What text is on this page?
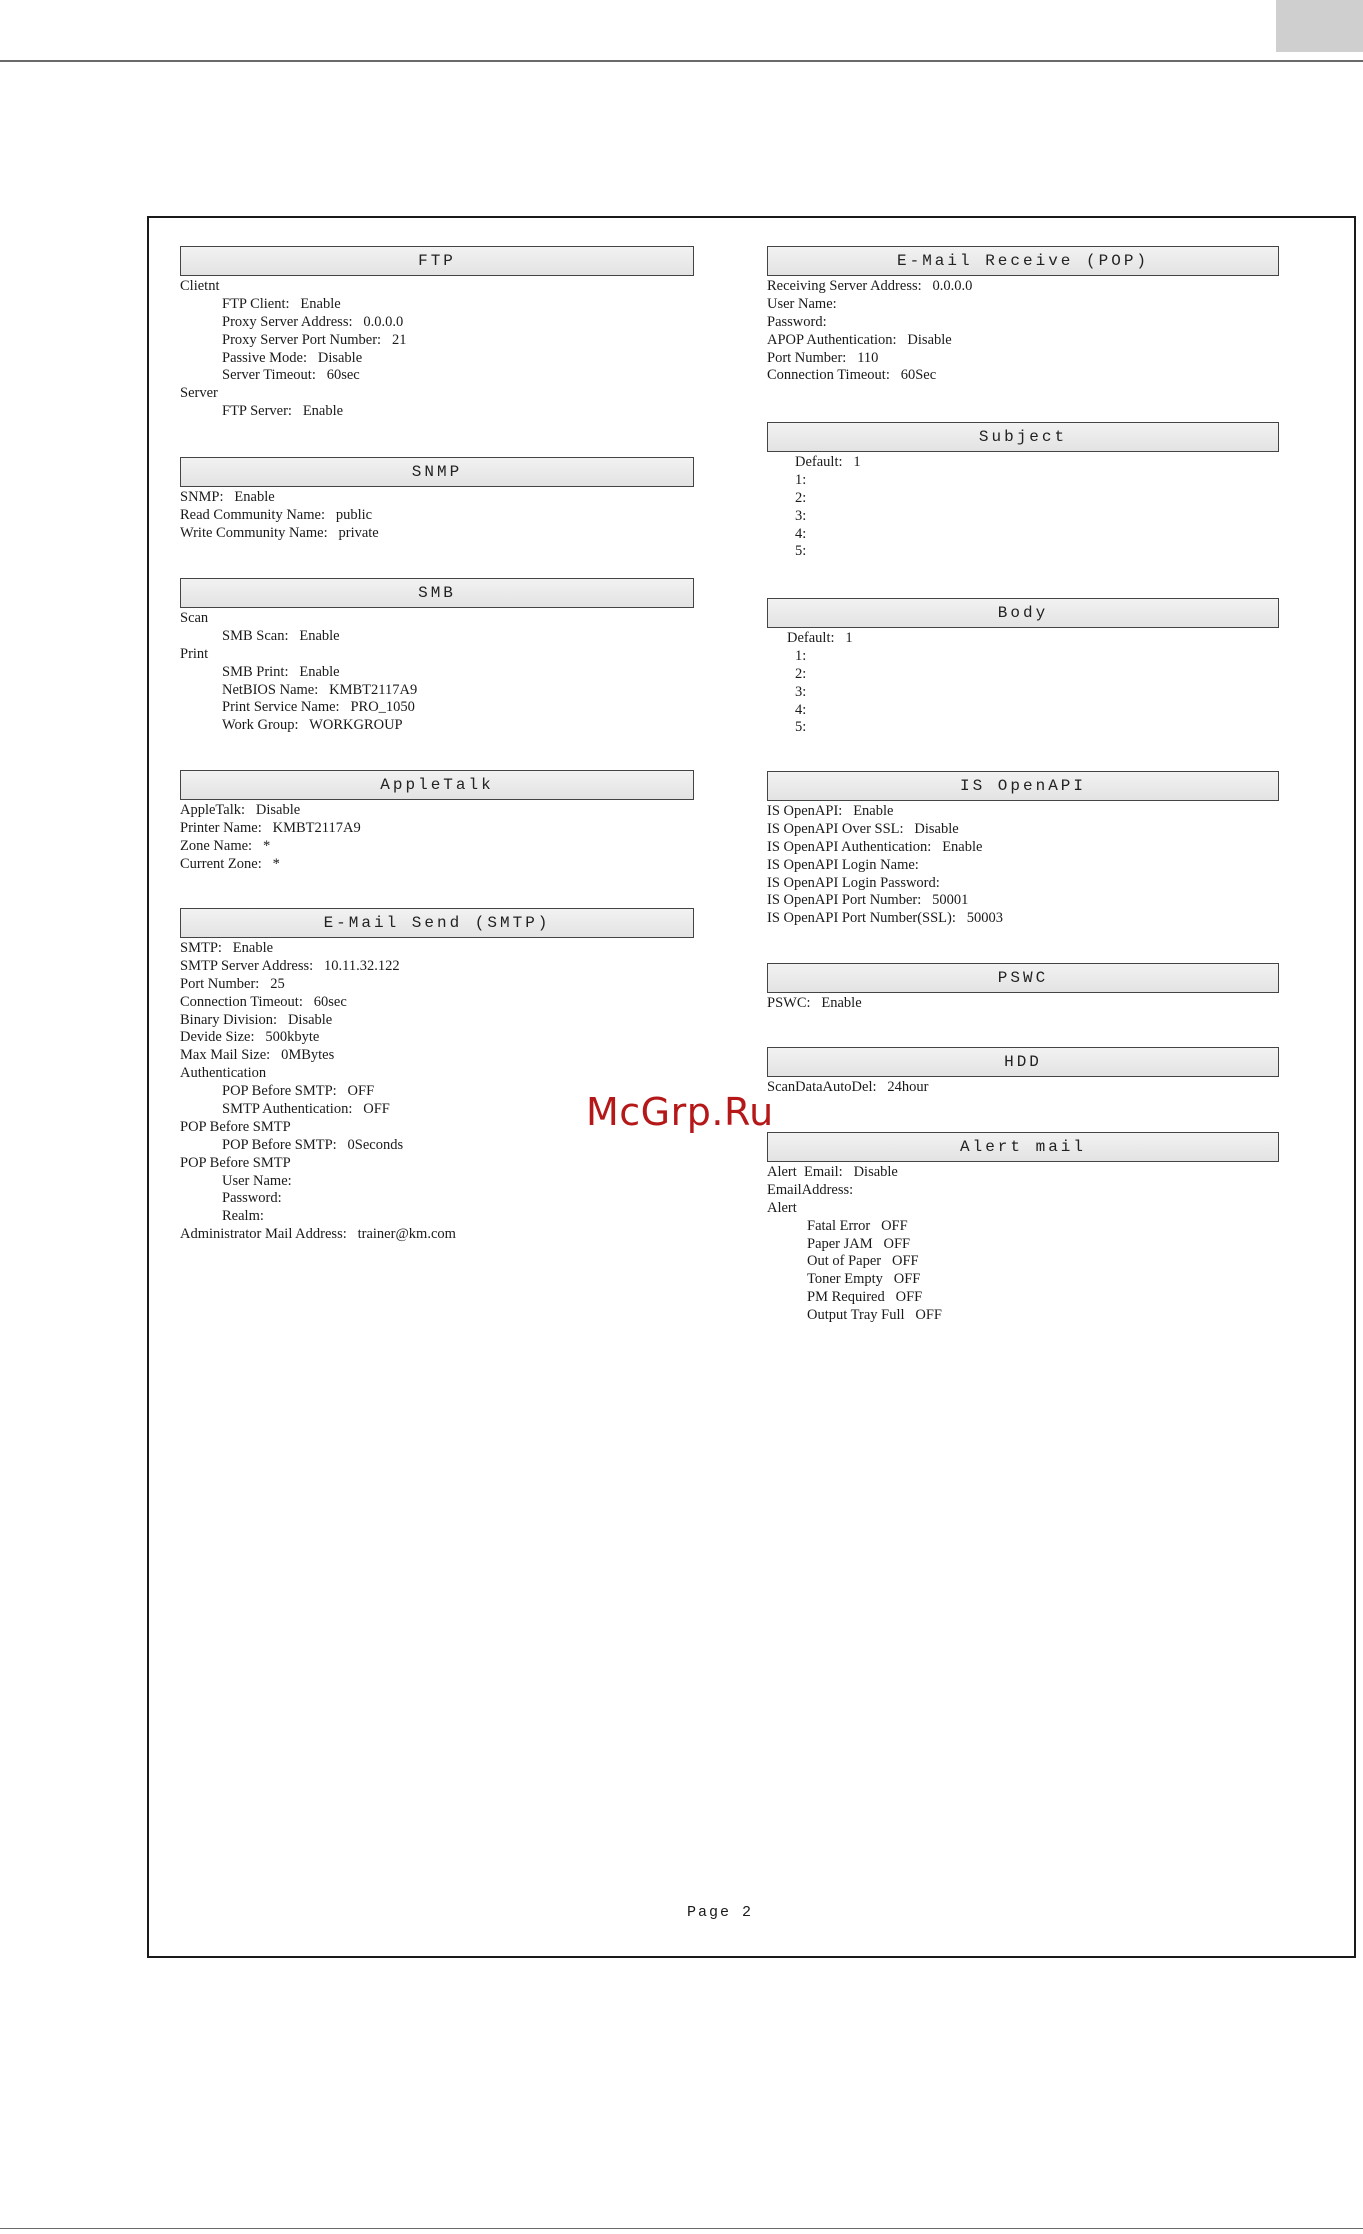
FTP
Clietnt
FTP Client:   Enable
Proxy Server Address:   0.0.0.0
Proxy Server Port Number:   21
Passive Mode:   Disable
Server Timeout:   60sec
Server
FTP Server:   Enable
SNMP
SNMP:   Enable
Read Community Name:   public
Write Community Name:   private
SMB
Scan
SMB Scan:   Enable
Print
SMB Print:   Enable
NetBIOS Name:   KMBT2117A9
Print Service Name:   PRO_1050
Work Group:   WORKGROUP
AppleTalk
AppleTalk:   Disable
Printer Name:   KMBT2117A9
Zone Name:   *
Current Zone:   *
E-Mail Send (SMTP)
SMTP:   Enable
SMTP Server Address:   10.11.32.122
Port Number:   25
Connection Timeout:   60sec
Binary Division:   Disable
Devide Size:   500kbyte
Max Mail Size:   0MBytes
Authentication
POP Before SMTP:   OFF
SMTP Authentication:   OFF
POP Before SMTP
POP Before SMTP:   0Seconds
POP Before SMTP
User Name:
Password:
Realm:
Administrator Mail Address:   trainer@km.com
E-Mail Receive (POP)
Receiving Server Address:   0.0.0.0
User Name:
Password:
APOP Authentication:   Disable
Port Number:   110
Connection Timeout:   60Sec
Subject
Default:   1
1:
2:
3:
4:
5:
Body
Default:   1
1:
2:
3:
4:
5:
IS OpenAPI
IS OpenAPI:   Enable
IS OpenAPI Over SSL:   Disable
IS OpenAPI Authentication:   Enable
IS OpenAPI Login Name:
IS OpenAPI Login Password:
IS OpenAPI Port Number:   50001
IS OpenAPI Port Number(SSL):   50003
PSWC
PSWC:   Enable
HDD
ScanDataAutoDel:   24hour
Alert mail
Alert  Email:   Disable
EmailAddress:
Alert
Fatal Error   OFF
Paper JAM   OFF
Out of Paper   OFF
Toner Empty   OFF
PM Required   OFF
Output Tray Full   OFF
Page 2
McGrp.Ru
